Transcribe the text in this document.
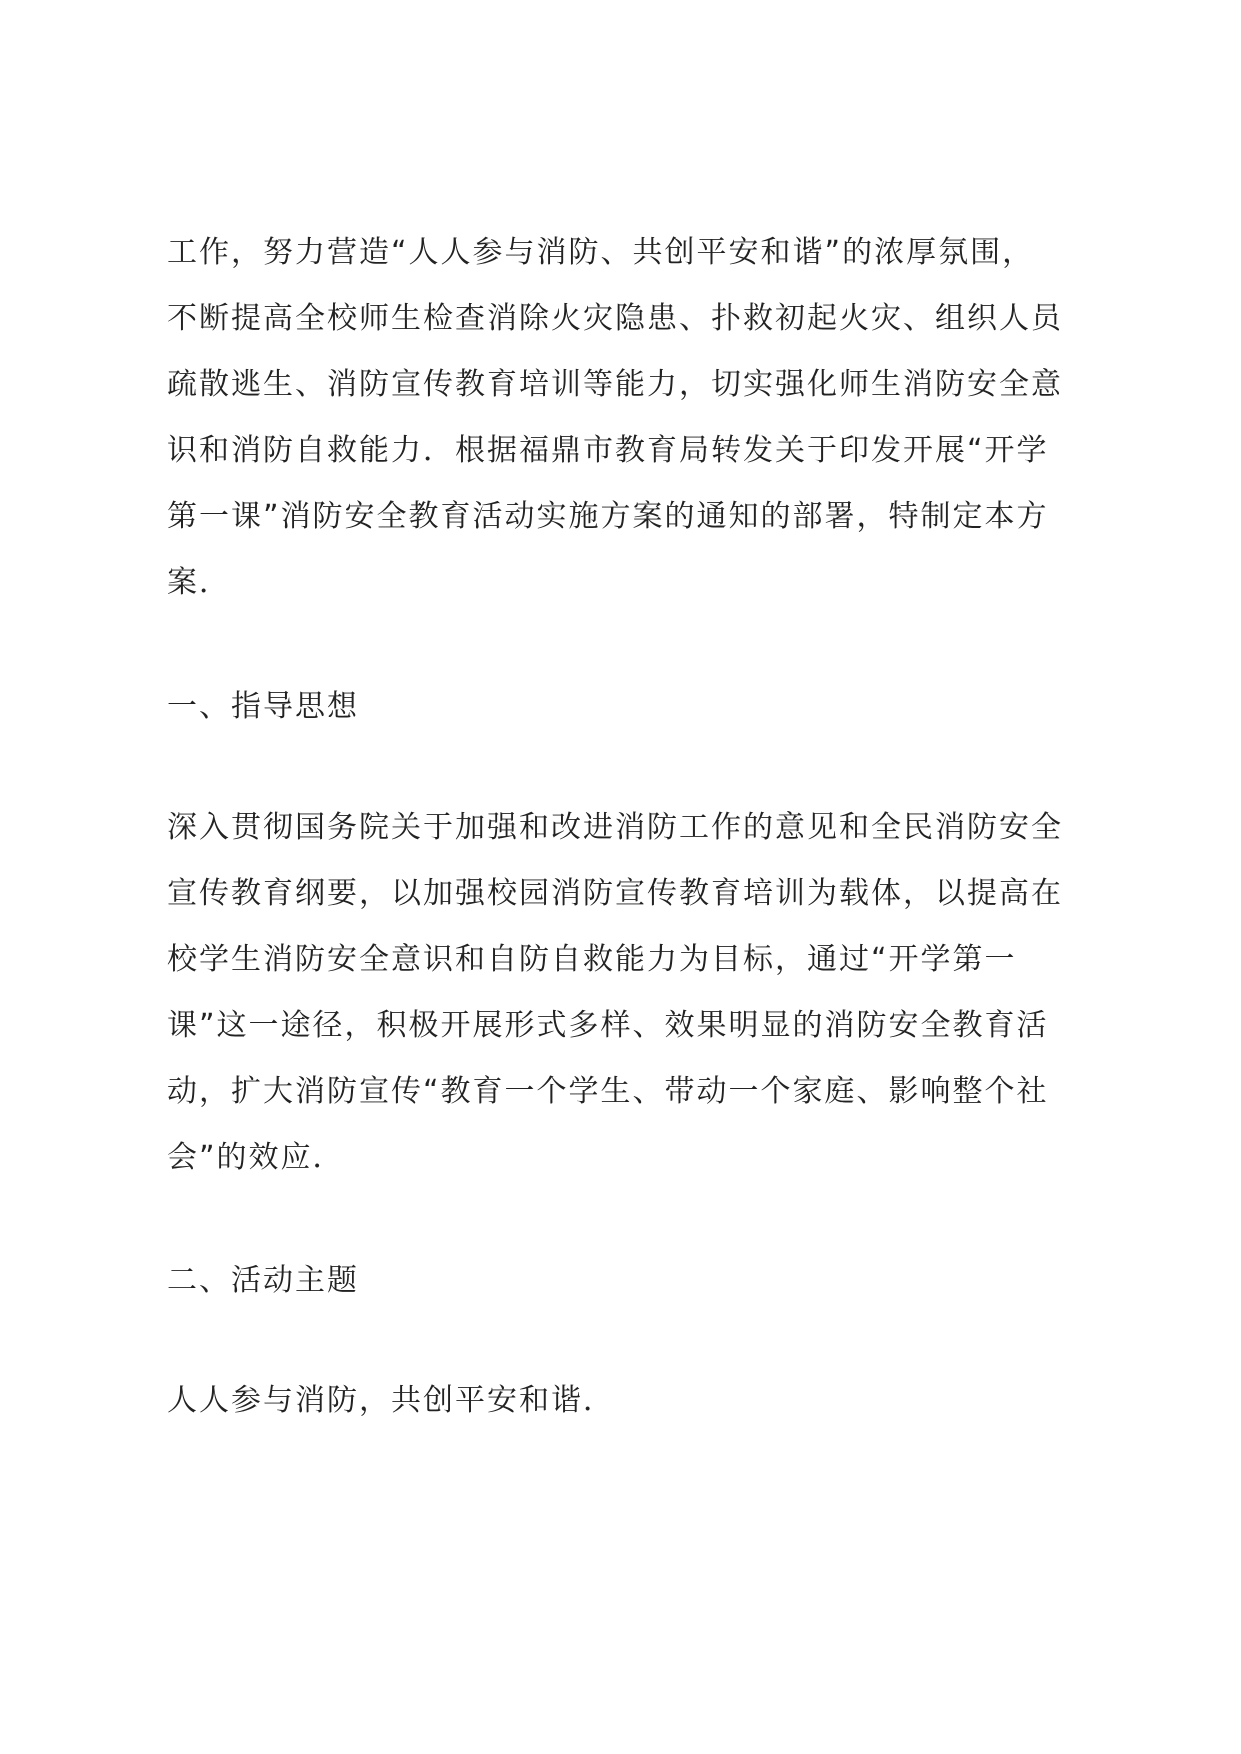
工作，努力营造“人人参与消防、共创平安和谐”的浓厚氛围，
不断提高全校师生检查消除火灾隐患、扑救初起火灾、组织人员
疏散逃生、消防宣传教育培训等能力，切实强化师生消防安全意
识和消防自救能力．根据福鼎市教育局转发关于印发开展“开学
第一课”消防安全教育活动实施方案的通知的部署，特制定本方
案．
一、指导思想
深入贯彻国务院关于加强和改进消防工作的意见和全民消防安全
宣传教育纲要，以加强校园消防宣传教育培训为载体，以提高在
校学生消防安全意识和自防自救能力为目标，通过“开学第一
课”这一途径，积极开展形式多样、效果明显的消防安全教育活
动，扩大消防宣传“教育一个学生、带动一个家庭、影响整个社
会”的效应．
二、活动主题
人人参与消防，共创平安和谐．
